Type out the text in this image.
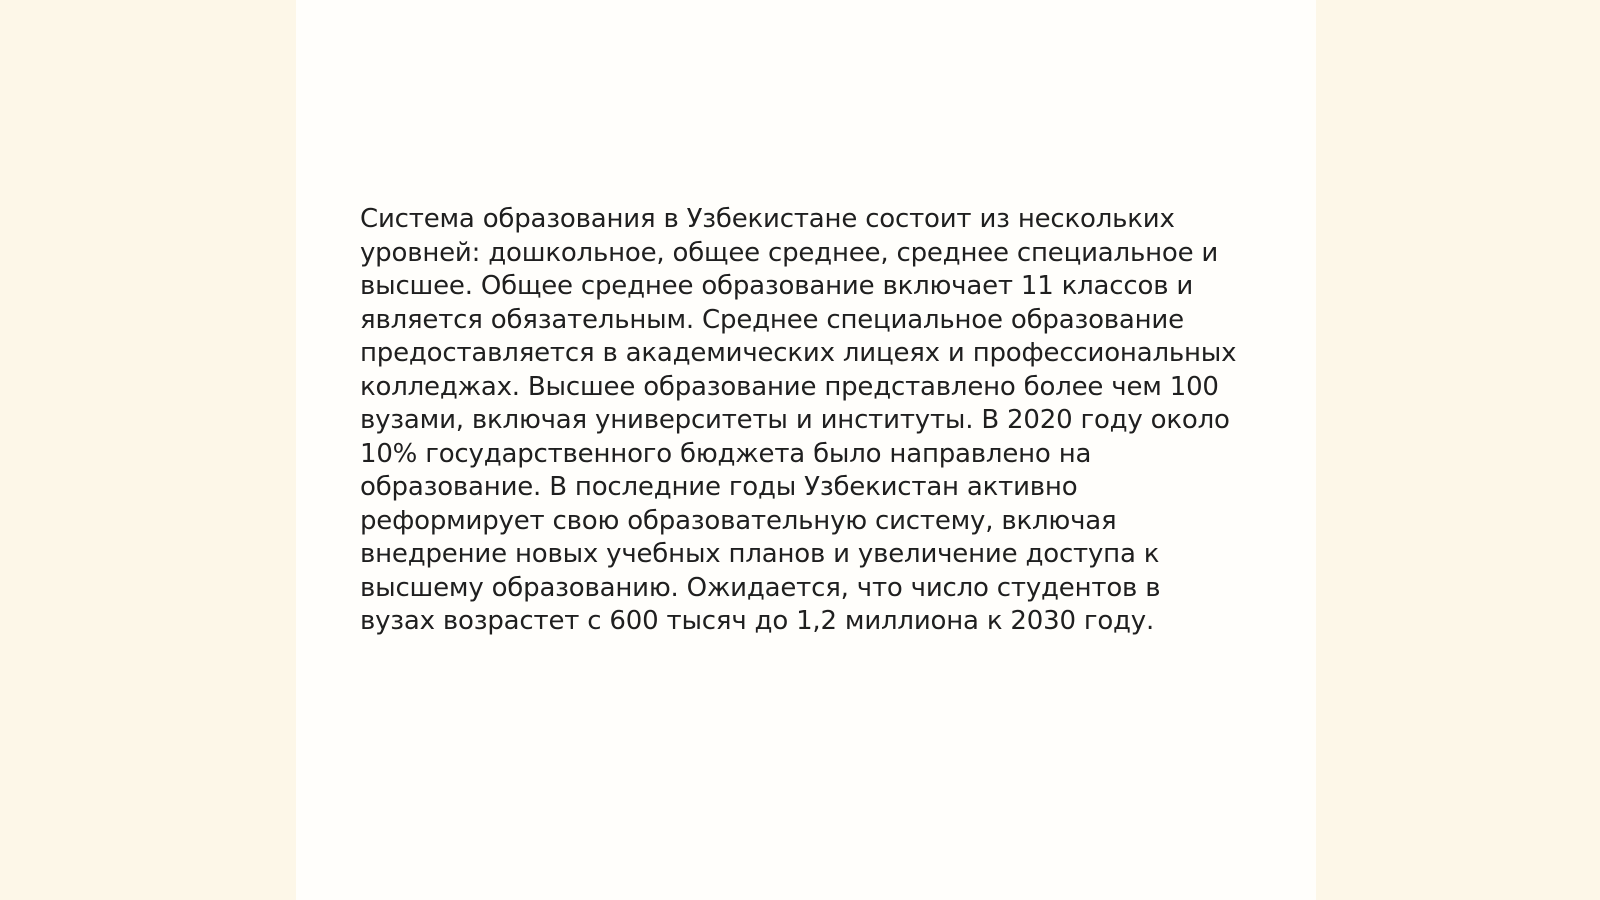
Система образования в Узбекистане состоит из нескольких
уровней: дошкольное, общее среднее, среднее специальное и
высшее. Общее среднее образование включает 11 классов и
является обязательным. Среднее специальное образование
предоставляется в академических лицеях и профессиональных
колледжах. Высшее образование представлено более чем 100
вузами, включая университеты и институты. В 2020 году около
10% государственного бюджета было направлено на
образование. В последние годы Узбекистан активно
реформирует свою образовательную систему, включая
внедрение новых учебных планов и увеличение доступа к
высшему образованию. Ожидается, что число студентов в
вузах возрастет с 600 тысяч до 1,2 миллиона к 2030 году.
